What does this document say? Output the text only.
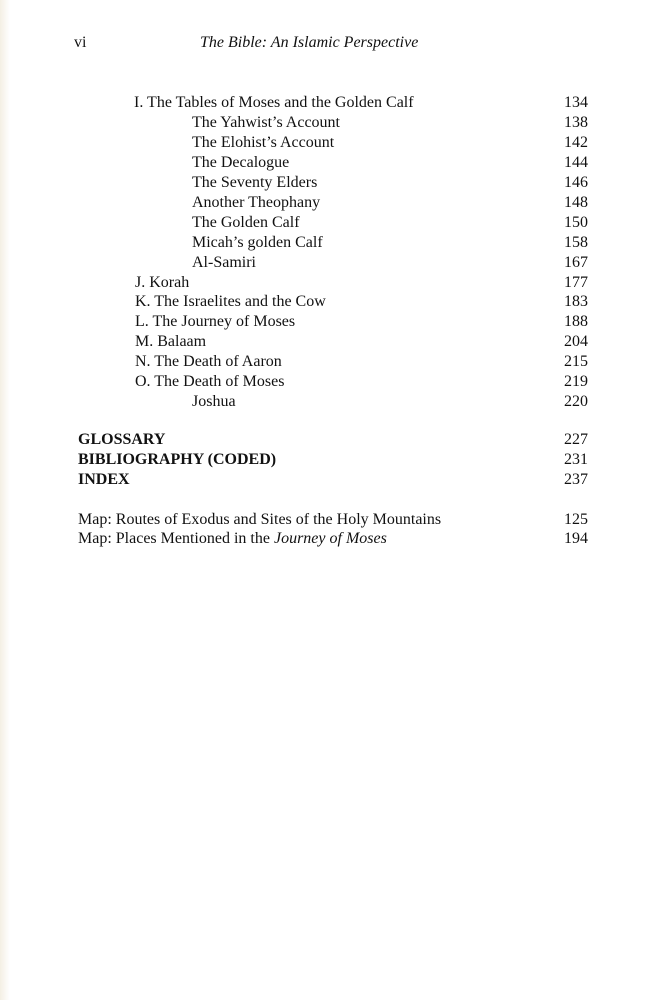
vi	The Bible: An Islamic Perspective
I. The Tables of Moses and the Golden Calf	134
The Yahwist’s Account	138
The Elohist’s Account	142
The Decalogue	144
The Seventy Elders	146
Another Theophany	148
The Golden Calf	150
Micah’s golden Calf	158
Al-Samiri	167
J. Korah	177
K. The Israelites and the Cow	183
L. The Journey of Moses	188
M. Balaam	204
N. The Death of Aaron	215
O. The Death of Moses	219
Joshua	220
GLOSSARY	227
BIBLIOGRAPHY (CODED)	231
INDEX	237
Map: Routes of Exodus and Sites of the Holy Mountains	125
Map: Places Mentioned in the Journey of Moses	194
